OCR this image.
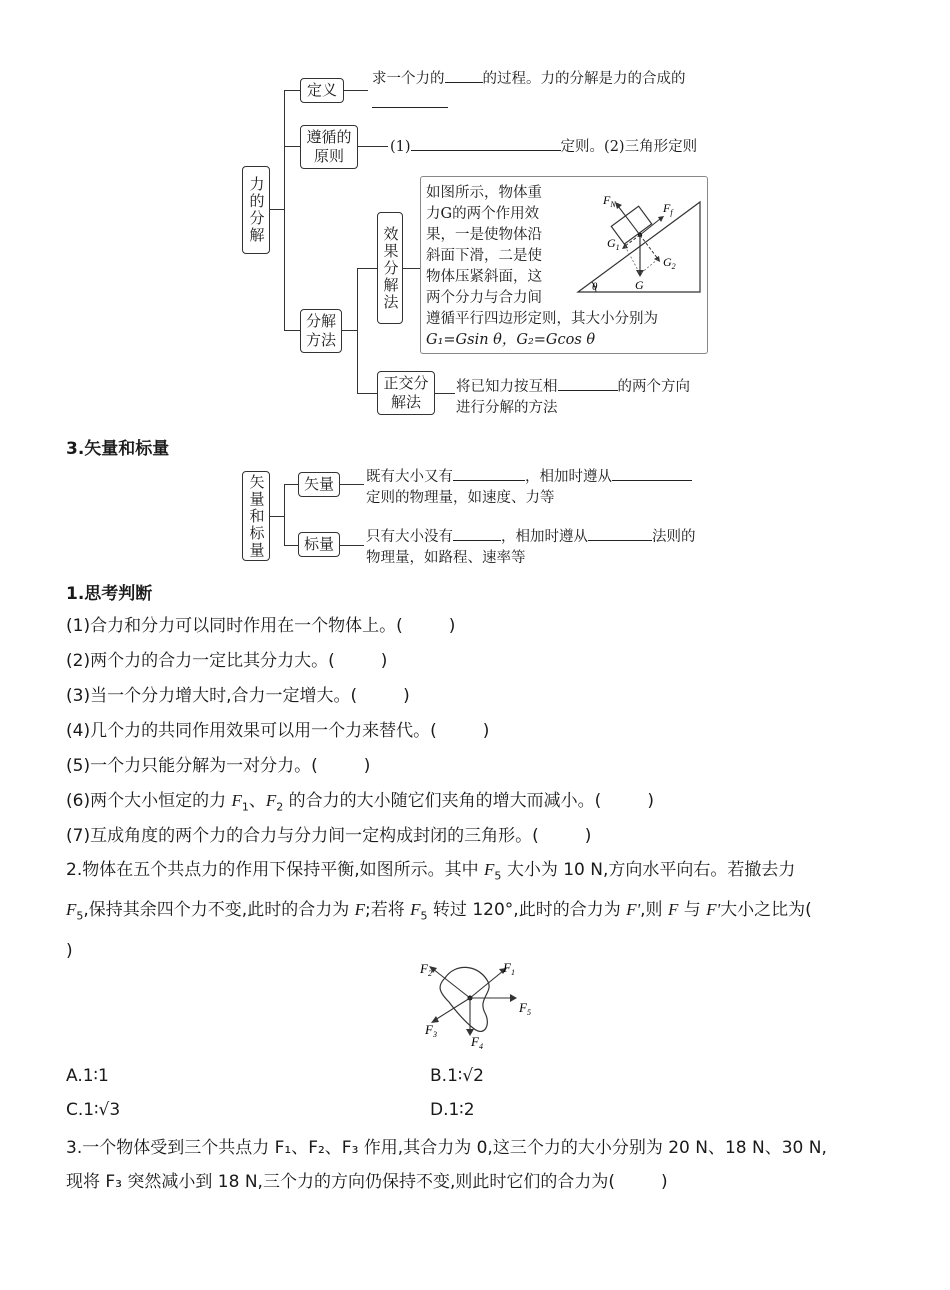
力的分解
定义
求一个力的	的过程。力的分解是力的合成的
遵循的原则	(1)	定则。(2)三角形定则
分解方法
效果分解法
如图所示，物体重
力G的两个作用效
果，一是使物体沿
斜面下滑，二是使
物体压紧斜面，这
两个分力与合力间
遵循平行四边形定则，其大小分别为
G₁=Gsin θ，G₂=Gcos θ
$F_N$	$F_f$
$G_1$
$G_2$
G
θ
正交分解法
将已知力按互相	的两个方向
进行分解的方法
3.矢量和标量
矢量和标量	矢量	既有大小又有	，相加时遵从
定则的物理量，如速度、力等
标量	只有大小没有	，相加时遵从	法则的
物理量，如路程、速率等
1.思考判断
(1)合力和分力可以同时作用在一个物体上。(	)
(2)两个力的合力一定比其分力大。(	)
(3)当一个分力增大时,合力一定增大。(	)
(4)几个力的共同作用效果可以用一个力来替代。(	)
(5)一个力只能分解为一对分力。(	)
(6)两个大小恒定的力 $F_1$、$F_2$ 的合力的大小随它们夹角的增大而减小。(	)
(7)互成角度的两个力的合力与分力间一定构成封闭的三角形。(	)
2.物体在五个共点力的作用下保持平衡,如图所示。其中 $F_5$ 大小为 10 N,方向水平向右。若撤去力
$F_5$,保持其余四个力不变,此时的合力为 F;若将 $F_5$ 转过 120°,此时的合力为 F',则 F 与 F'大小之比为(
)
$F_2$	$F_1$
$F_5$
$F_3$	$F_4$
A.1∶1	B.1∶√2
C.1∶√3	D.1∶2
3.一个物体受到三个共点力 F₁、F₂、F₃ 作用,其合力为 0,这三个力的大小分别为 20 N、18 N、30 N,
现将 F₃ 突然减小到 18 N,三个力的方向仍保持不变,则此时它们的合力为(	)
